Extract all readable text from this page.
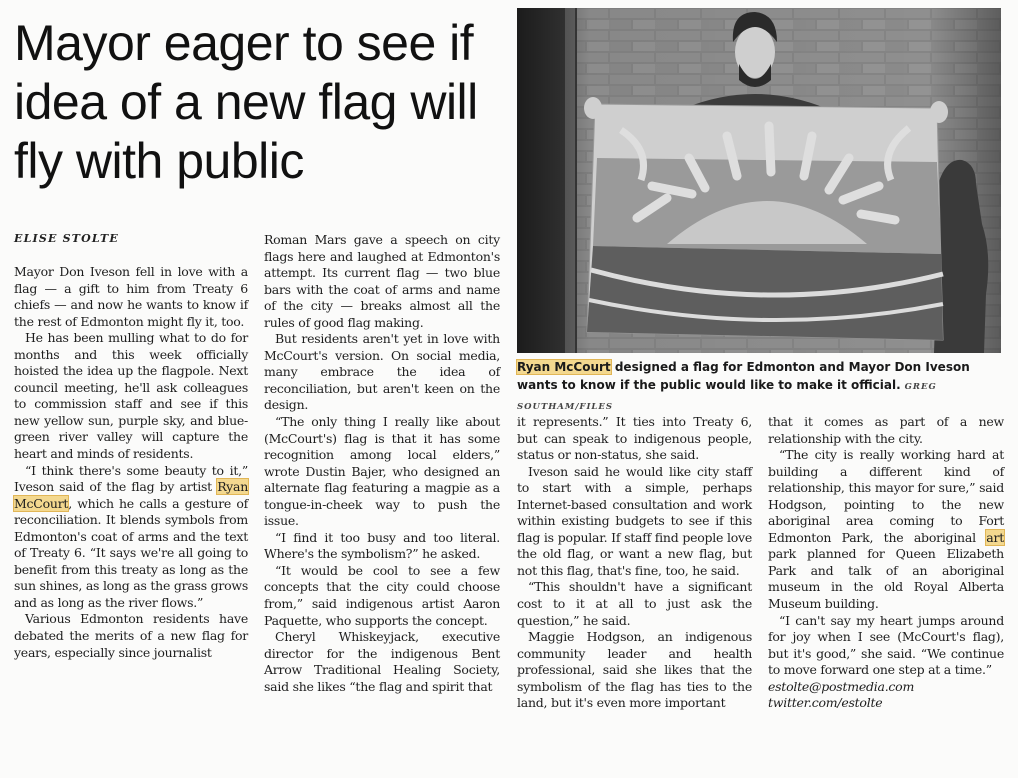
Mayor eager to see if idea of a new flag will fly with public
ELISE STOLTE

Ryan McCourt designed a flag for Edmonton and Mayor Don Iveson wants to know if the public would like to make it official. GREG SOUTHAM/FILES

Mayor Don Iveson fell in love with a flag — a gift to him from Treaty 6 chiefs — and now he wants to know if the rest of Edmonton might fly it, too.

He has been mulling what to do for months and this week officially hoisted the idea up the flagpole. Next council meeting, he'll ask colleagues to commission staff and see if this new yellow sun, purple sky, and blue-green river valley will capture the heart and minds of residents.

“I think there's some beauty to it,” Iveson said of the flag by artist Ryan McCourt, which he calls a gesture of reconciliation. It blends symbols from Edmonton's coat of arms and the text of Treaty 6. “It says we're all going to benefit from this treaty as long as the sun shines, as long as the grass grows and as long as the river flows.”

Various Edmonton residents have debated the merits of a new flag for years, especially since journalist

Roman Mars gave a speech on city flags here and laughed at Edmonton's attempt. Its current flag — two blue bars with the coat of arms and name of the city — breaks almost all the rules of good flag making.

But residents aren't yet in love with McCourt's version. On social media, many embrace the idea of reconciliation, but aren't keen on the design.

“The only thing I really like about (McCourt's) flag is that it has some recognition among local elders,” wrote Dustin Bajer, who designed an alternate flag featuring a magpie as a tongue-in-cheek way to push the issue.

“I find it too busy and too literal. Where's the symbolism?” he asked.

“It would be cool to see a few concepts that the city could choose from,” said indigenous artist Aaron Paquette, who supports the concept.

Cheryl Whiskeyjack, executive director for the indigenous Bent Arrow Traditional Healing Society, said she likes “the flag and spirit that

it represents.” It ties into Treaty 6, but can speak to indigenous people, status or non-status, she said.

Iveson said he would like city staff to start with a simple, perhaps Internet-based consultation and work within existing budgets to see if this flag is popular. If staff find people love the old flag, or want a new flag, but not this flag, that's fine, too, he said.

“This shouldn't have a significant cost to it at all to just ask the question,” he said.

Maggie Hodgson, an indigenous community leader and health professional, said she likes that the symbolism of the flag has ties to the land, but it's even more important

that it comes as part of a new relationship with the city.

“The city is really working hard at building a different kind of relationship, this mayor for sure,” said Hodgson, pointing to the new aboriginal area coming to Fort Edmonton Park, the aboriginal art park planned for Queen Elizabeth Park and talk of an aboriginal museum in the old Royal Alberta Museum building.

“I can't say my heart jumps around for joy when I see (McCourt's flag), but it's good,” she said. “We continue to move forward one step at a time.”

estolte@postmedia.com
twitter.com/estolte
